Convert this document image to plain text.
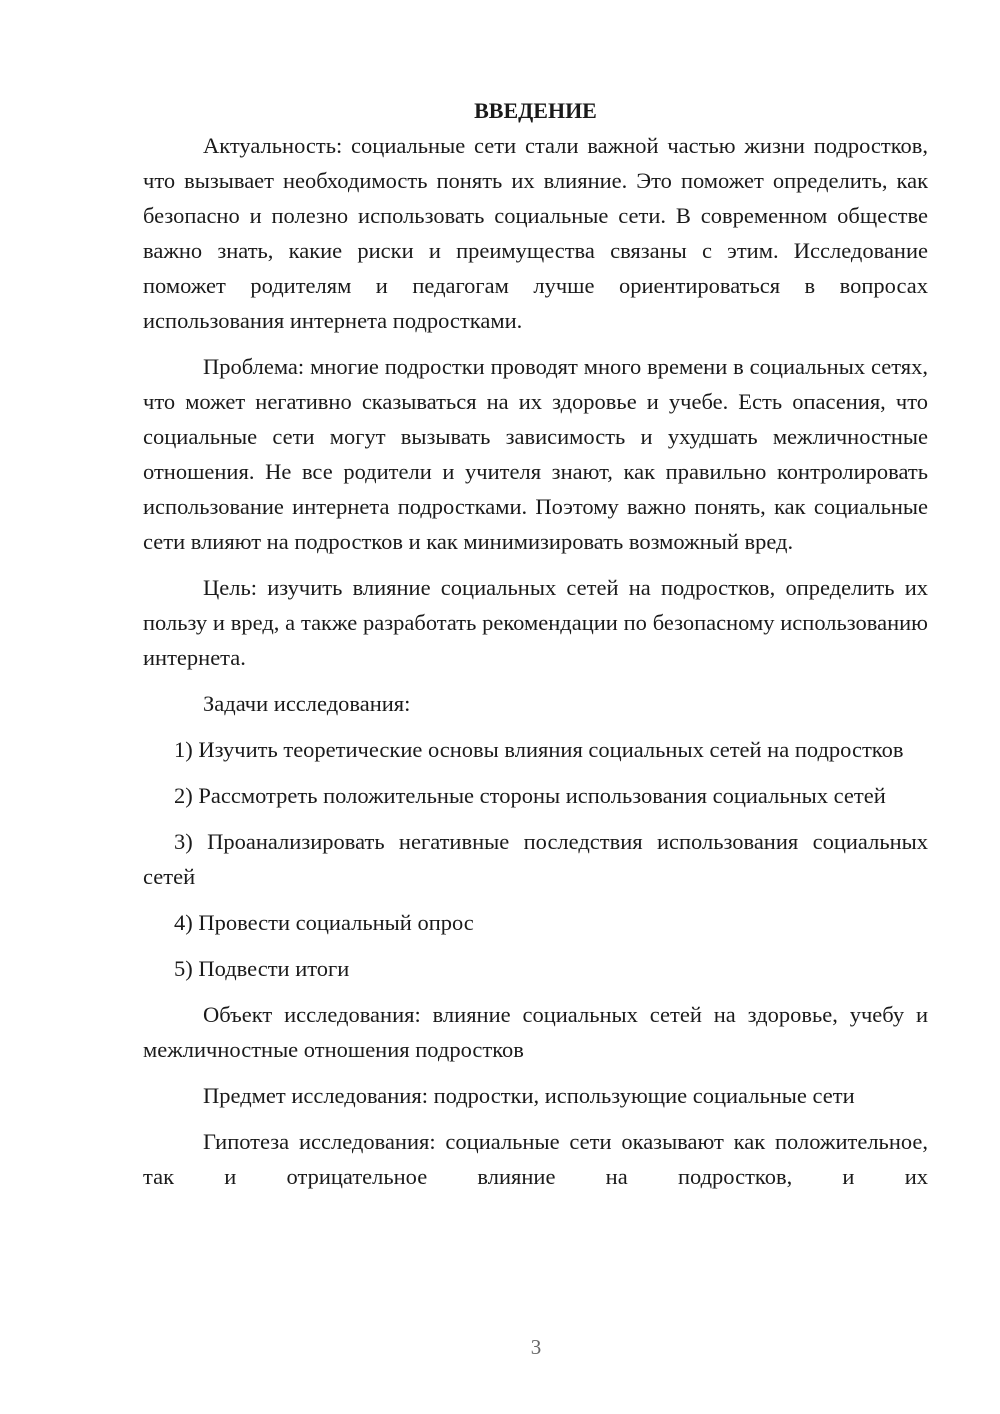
ВВЕДЕНИЕ

Актуальность: социальные сети стали важной частью жизни подростков, что вызывает необходимость понять их влияние. Это поможет определить, как безопасно и полезно использовать социальные сети. В современном обществе важно знать, какие риски и преимущества связаны с этим. Исследование поможет родителям и педагогам лучше ориентироваться в вопросах использования интернета подростками.

Проблема: многие подростки проводят много времени в социальных сетях, что может негативно сказываться на их здоровье и учебе. Есть опасения, что социальные сети могут вызывать зависимость и ухудшать межличностные отношения. Не все родители и учителя знают, как правильно контролировать использование интернета подростками. Поэтому важно понять, как социальные сети влияют на подростков и как минимизировать возможный вред.

Цель: изучить влияние социальных сетей на подростков, определить их пользу и вред, а также разработать рекомендации по безопасному использованию интернета.

Задачи исследования:

1) Изучить теоретические основы влияния социальных сетей на подростков

2) Рассмотреть положительные стороны использования социальных сетей

3) Проанализировать негативные последствия использования социальных сетей

4) Провести социальный опрос

5) Подвести итоги

Объект исследования: влияние социальных сетей на здоровье, учебу и межличностные отношения подростков

Предмет исследования: подростки, использующие социальные сети

Гипотеза исследования: социальные сети оказывают как положительное, так и отрицательное влияние на подростков, и их

3
